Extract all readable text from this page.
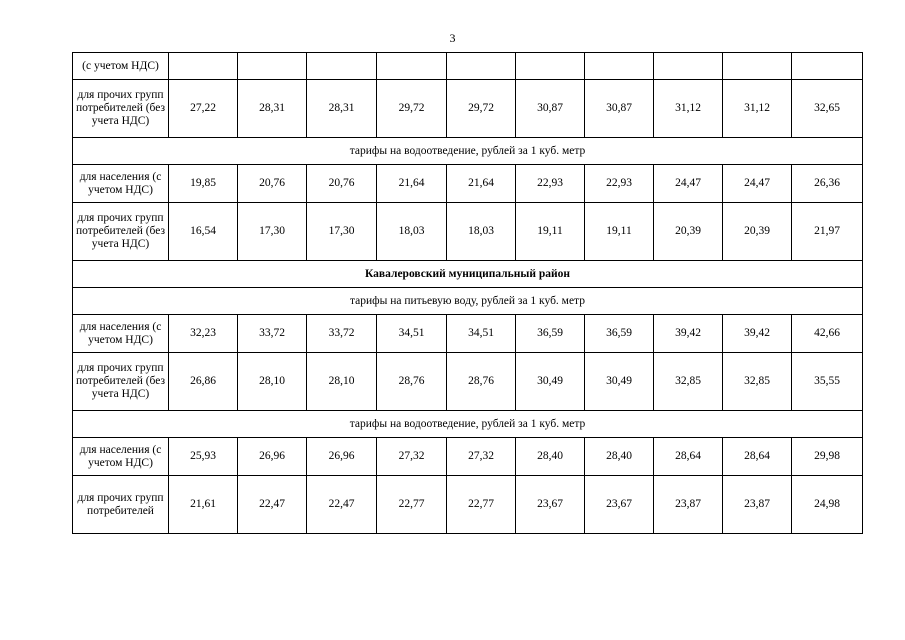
3
(с учетом НДС)										
для прочих групп потребителей (без учета НДС)	27,22	28,31	28,31	29,72	29,72	30,87	30,87	31,12	31,12	32,65
тарифы на водоотведение, рублей за 1 куб. метр										
для населения (с учетом НДС)	19,85	20,76	20,76	21,64	21,64	22,93	22,93	24,47	24,47	26,36
для прочих групп потребителей (без учета НДС)	16,54	17,30	17,30	18,03	18,03	19,11	19,11	20,39	20,39	21,97
Кавалеровский муниципальный район										
тарифы на питьевую воду, рублей за 1 куб. метр										
для населения (с учетом НДС)	32,23	33,72	33,72	34,51	34,51	36,59	36,59	39,42	39,42	42,66
для прочих групп потребителей (без учета НДС)	26,86	28,10	28,10	28,76	28,76	30,49	30,49	32,85	32,85	35,55
тарифы на водоотведение, рублей за 1 куб. метр										
для населения (с учетом НДС)	25,93	26,96	26,96	27,32	27,32	28,40	28,40	28,64	28,64	29,98
для прочих групп потребителей	21,61	22,47	22,47	22,77	22,77	23,67	23,67	23,87	23,87	24,98
